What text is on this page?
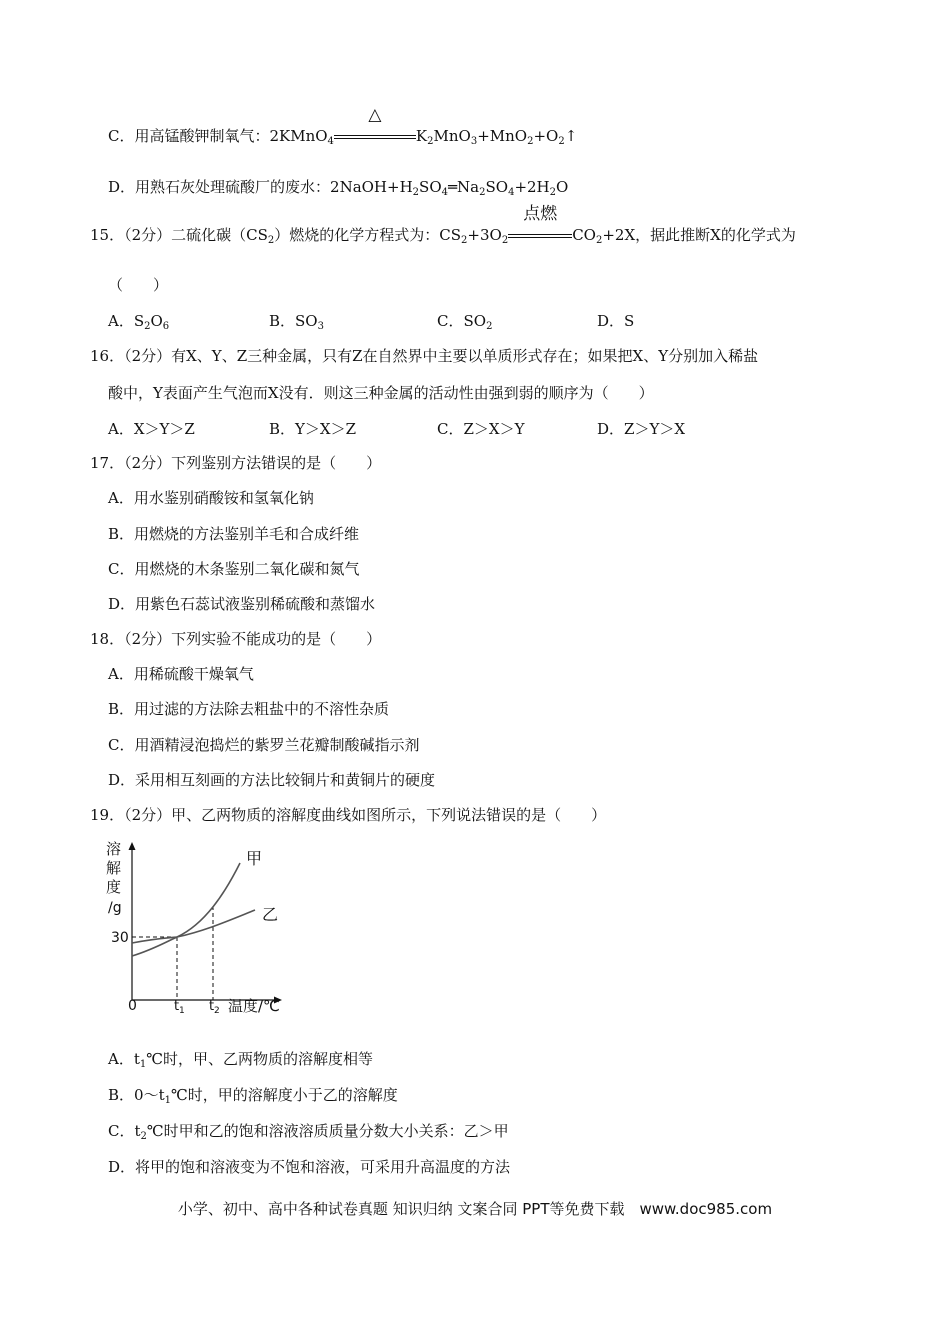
C．用高锰酸钾制氧气：2KMnO$_4$
△
$K_2MnO_3+MnO_2+O_2↑$
D．用熟石灰处理硫酸厂的废水：$2NaOH+H_2SO_4═Na_2SO_4+2H_2O$
15．（2分）二硫化碳$(CS_2)$燃烧的化学方程式为：$CS_2+3O_2$
点燃
$CO_2+2X$，据此推断X的化学式为
（　　）
A．$S_2O_6$	B．$SO_3$	C．$SO_2$	D．S
16．（2分）有X、Y、Z三种金属，只有Z在自然界中主要以单质形式存在；如果把X、Y分别加入稀盐
酸中，Y表面产生气泡而X没有．则这三种金属的活动性由强到弱的顺序为（　　）
A．X＞Y＞Z	B．Y＞X＞Z	C．Z＞X＞Y	D．Z＞Y＞X
17．（2分）下列鉴别方法错误的是（　　）
A．用水鉴别硝酸铵和氢氧化钠
B．用燃烧的方法鉴别羊毛和合成纤维
C．用燃烧的木条鉴别二氧化碳和氮气
D．用紫色石蕊试液鉴别稀硫酸和蒸馏水
18．（2分）下列实验不能成功的是（　　）
A．用稀硫酸干燥氧气
B．用过滤的方法除去粗盐中的不溶性杂质
C．用酒精浸泡捣烂的紫罗兰花瓣制酸碱指示剂
D．采用相互刻画的方法比较铜片和黄铜片的硬度
19．（2分）甲、乙两物质的溶解度曲线如图所示，下列说法错误的是（　　）
溶
解
度
/g
30
甲
乙
0	t 1 t 2 温度/℃
A．$t_1℃$时，甲、乙两物质的溶解度相等
B．$0\sim t_1℃$时，甲的溶解度小于乙的溶解度
C．$t_2℃$时甲和乙的饱和溶液溶质质量分数大小关系：乙＞甲
D．将甲的饱和溶液变为不饱和溶液，可采用升高温度的方法
小学、初中、高中各种试卷真题 知识归纳 文案合同 PPT等免费下载　www.doc985.com
